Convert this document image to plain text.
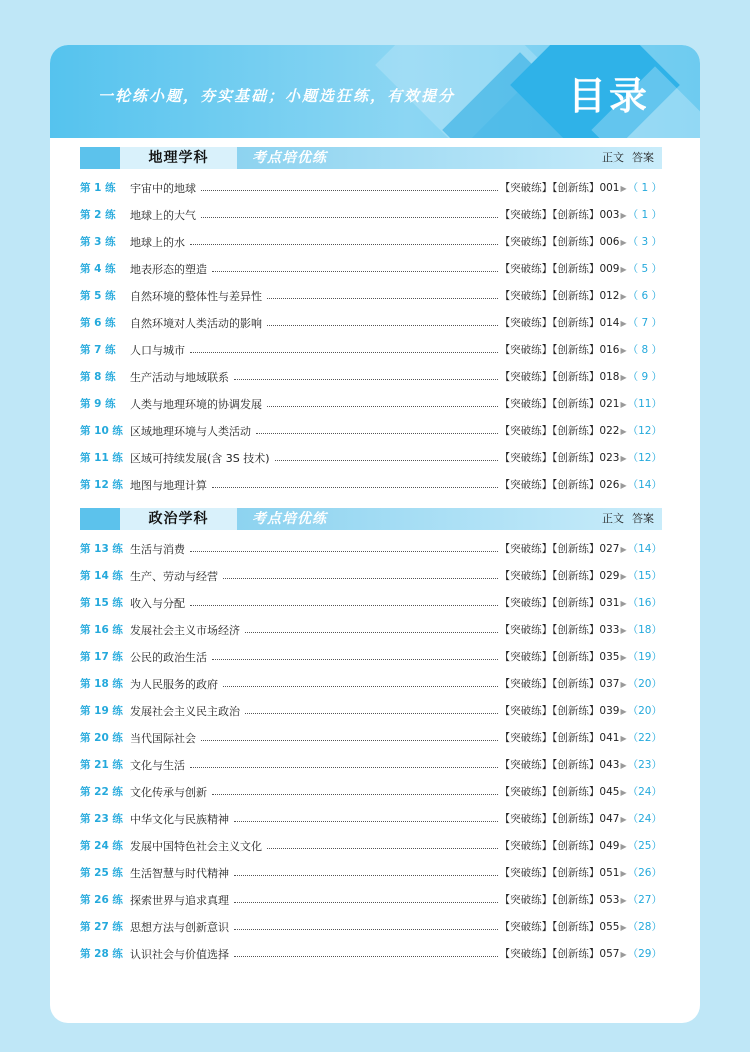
一轮练小题，夯实基础；小题选狂练，有效提分	目录
地理学科	考点培优练	正文 答案
第 1 练	宇宙中的地球	【突破练】【创新练】001▶（ 1 ）
第 2 练	地球上的大气	【突破练】【创新练】003▶（ 1 ）
第 3 练	地球上的水	【突破练】【创新练】006▶（ 3 ）
第 4 练	地表形态的塑造	【突破练】【创新练】009▶（ 5 ）
第 5 练	自然环境的整体性与差异性	【突破练】【创新练】012▶（ 6 ）
第 6 练	自然环境对人类活动的影响	【突破练】【创新练】014▶（ 7 ）
第 7 练	人口与城市	【突破练】【创新练】016▶（ 8 ）
第 8 练	生产活动与地域联系	【突破练】【创新练】018▶（ 9 ）
第 9 练	人类与地理环境的协调发展	【突破练】【创新练】021▶（11）
第 10 练 区域地理环境与人类活动	【突破练】【创新练】022▶（12）
第 11 练 区域可持续发展(含 3S 技术)	【突破练】【创新练】023▶（12）
第 12 练 地图与地理计算	【突破练】【创新练】026▶（14）
政治学科	考点培优练	正文 答案
第 13 练 生活与消费	【突破练】【创新练】027▶（14）
第 14 练 生产、劳动与经营	【突破练】【创新练】029▶（15）
第 15 练 收入与分配	【突破练】【创新练】031▶（16）
第 16 练 发展社会主义市场经济	【突破练】【创新练】033▶（18）
第 17 练 公民的政治生活	【突破练】【创新练】035▶（19）
第 18 练 为人民服务的政府	【突破练】【创新练】037▶（20）
第 19 练 发展社会主义民主政治	【突破练】【创新练】039▶（20）
第 20 练 当代国际社会	【突破练】【创新练】041▶（22）
第 21 练 文化与生活	【突破练】【创新练】043▶（23）
第 22 练 文化传承与创新	【突破练】【创新练】045▶（24）
第 23 练 中华文化与民族精神	【突破练】【创新练】047▶（24）
第 24 练 发展中国特色社会主义文化	【突破练】【创新练】049▶（25）
第 25 练 生活智慧与时代精神	【突破练】【创新练】051▶（26）
第 26 练 探索世界与追求真理	【突破练】【创新练】053▶（27）
第 27 练 思想方法与创新意识	【突破练】【创新练】055▶（28）
第 28 练 认识社会与价值选择	【突破练】【创新练】057▶（29）
